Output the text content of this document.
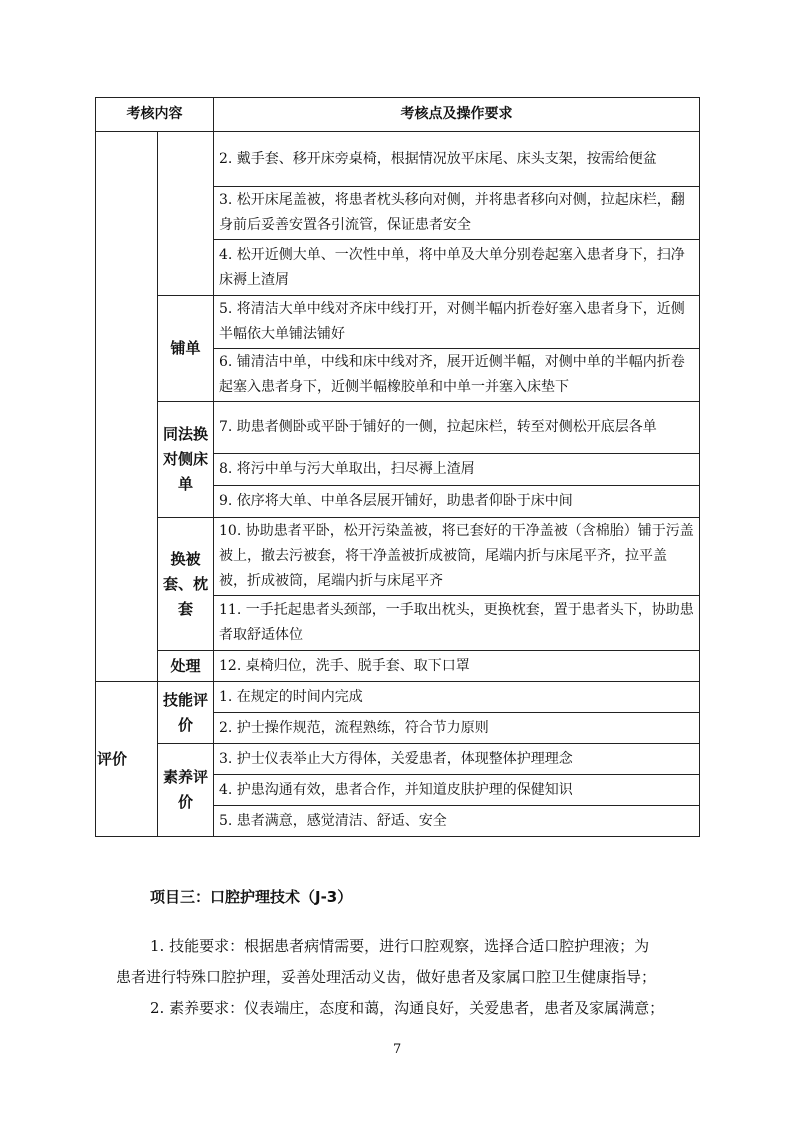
考核内容		考核点及操作要求
		2. 戴手套、移开床旁桌椅，根据情况放平床尾、床头支架，按需给便盆
		3. 松开床尾盖被，将患者枕头移向对侧，并将患者移向对侧，拉起床栏，翻身前后妥善安置各引流管，保证患者安全
		4. 松开近侧大单、一次性中单，将中单及大单分别卷起塞入患者身下，扫净床褥上渣屑
	铺单	5. 将清洁大单中线对齐床中线打开，对侧半幅内折卷好塞入患者身下，近侧半幅依大单铺法铺好
		6. 铺清洁中单，中线和床中线对齐，展开近侧半幅，对侧中单的半幅内折卷起塞入患者身下，近侧半幅橡胶单和中单一并塞入床垫下
	同法换对侧床单	7. 助患者侧卧或平卧于铺好的一侧，拉起床栏，转至对侧松开底层各单
		8. 将污中单与污大单取出，扫尽褥上渣屑
		9. 依序将大单、中单各层展开铺好，助患者仰卧于床中间
	换被套、枕套	10. 协助患者平卧，松开污染盖被，将已套好的干净盖被（含棉胎）铺于污盖被上，撤去污被套，将干净盖被折成被筒，尾端内折与床尾平齐，拉平盖被，折成被筒，尾端内折与床尾平齐
		11. 一手托起患者头颈部，一手取出枕头，更换枕套，置于患者头下，协助患者取舒适体位
	处理	12. 桌椅归位，洗手、脱手套、取下口罩
评价	技能评价	1. 在规定的时间内完成
		2. 护士操作规范，流程熟练，符合节力原则
	素养评价	3. 护士仪表举止大方得体，关爱患者，体现整体护理理念
		4. 护患沟通有效，患者合作，并知道皮肤护理的保健知识
		5. 患者满意，感觉清洁、舒适、安全
项目三：口腔护理技术（J-3）
1. 技能要求：根据患者病情需要，进行口腔观察，选择合适口腔护理液；为
患者进行特殊口腔护理，妥善处理活动义齿，做好患者及家属口腔卫生健康指导；
2. 素养要求：仪表端庄，态度和蔼，沟通良好，关爱患者，患者及家属满意；
7
